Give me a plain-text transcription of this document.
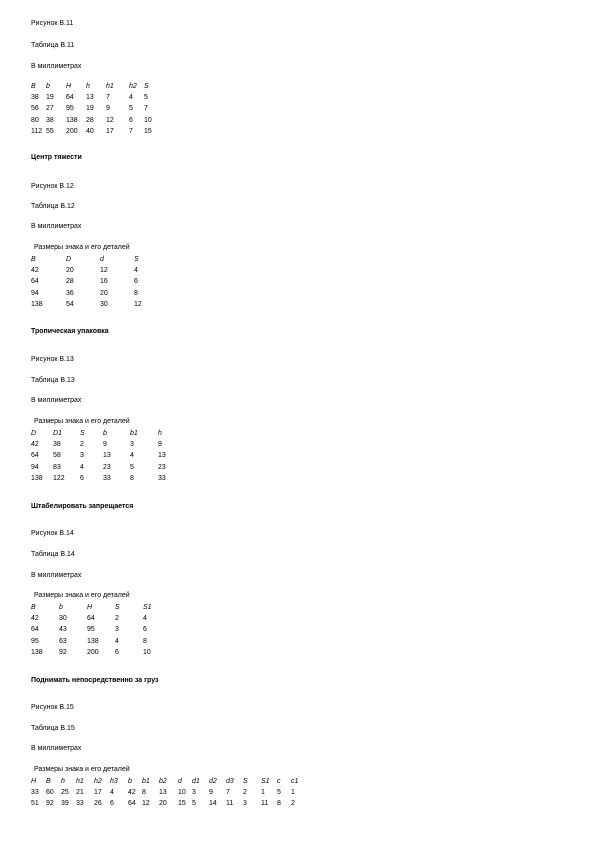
Рисунок В.11
Таблица В.11
В миллиметрах
B	b	H	h	h1	h2	S
38	19	64	13	7	4	5
56	27	95	19	9	5	7
80	38	138	28	12	6	10
112	55	200	40	17	7	15
Центр тяжести
Рисунок В.12
Таблица В.12
В миллиметрах
Размеры знака и его деталей
B	D	d	S
42	20	12	4
64	28	16	6
94	36	20	8
138	54	30	12
Тропическая упаковка
Рисунок В.13
Таблица В.13
В миллиметрах
Размеры знака и его деталей
D	D1	S	b	b1	h
42	38	2	9	3	9
64	58	3	13	4	13
94	83	4	23	5	23
138	122	6	33	8	33
Штабелировать запрещается
Рисунок В.14
Таблица В.14
В миллиметрах
Размеры знака и его деталей
B	b	H	S	S1
42	30	64	2	4
64	43	95	3	6
95	63	138	4	8
138	92	200	6	10
Поднимать непосредственно за груз
Рисунок В.15
Таблица В.15
В миллиметрах
Размеры знака и его деталей
H	B	h	h1	h2	h3	b	b1	b2	d	d1	d2	d3	S	S1	c	c1
33	60	25	21	17	4	42	8	13	10	3	9	7	2	1	5	1
51	92	39	33	26	6	64	12	20	15	5	14	11	3	11	8	2
